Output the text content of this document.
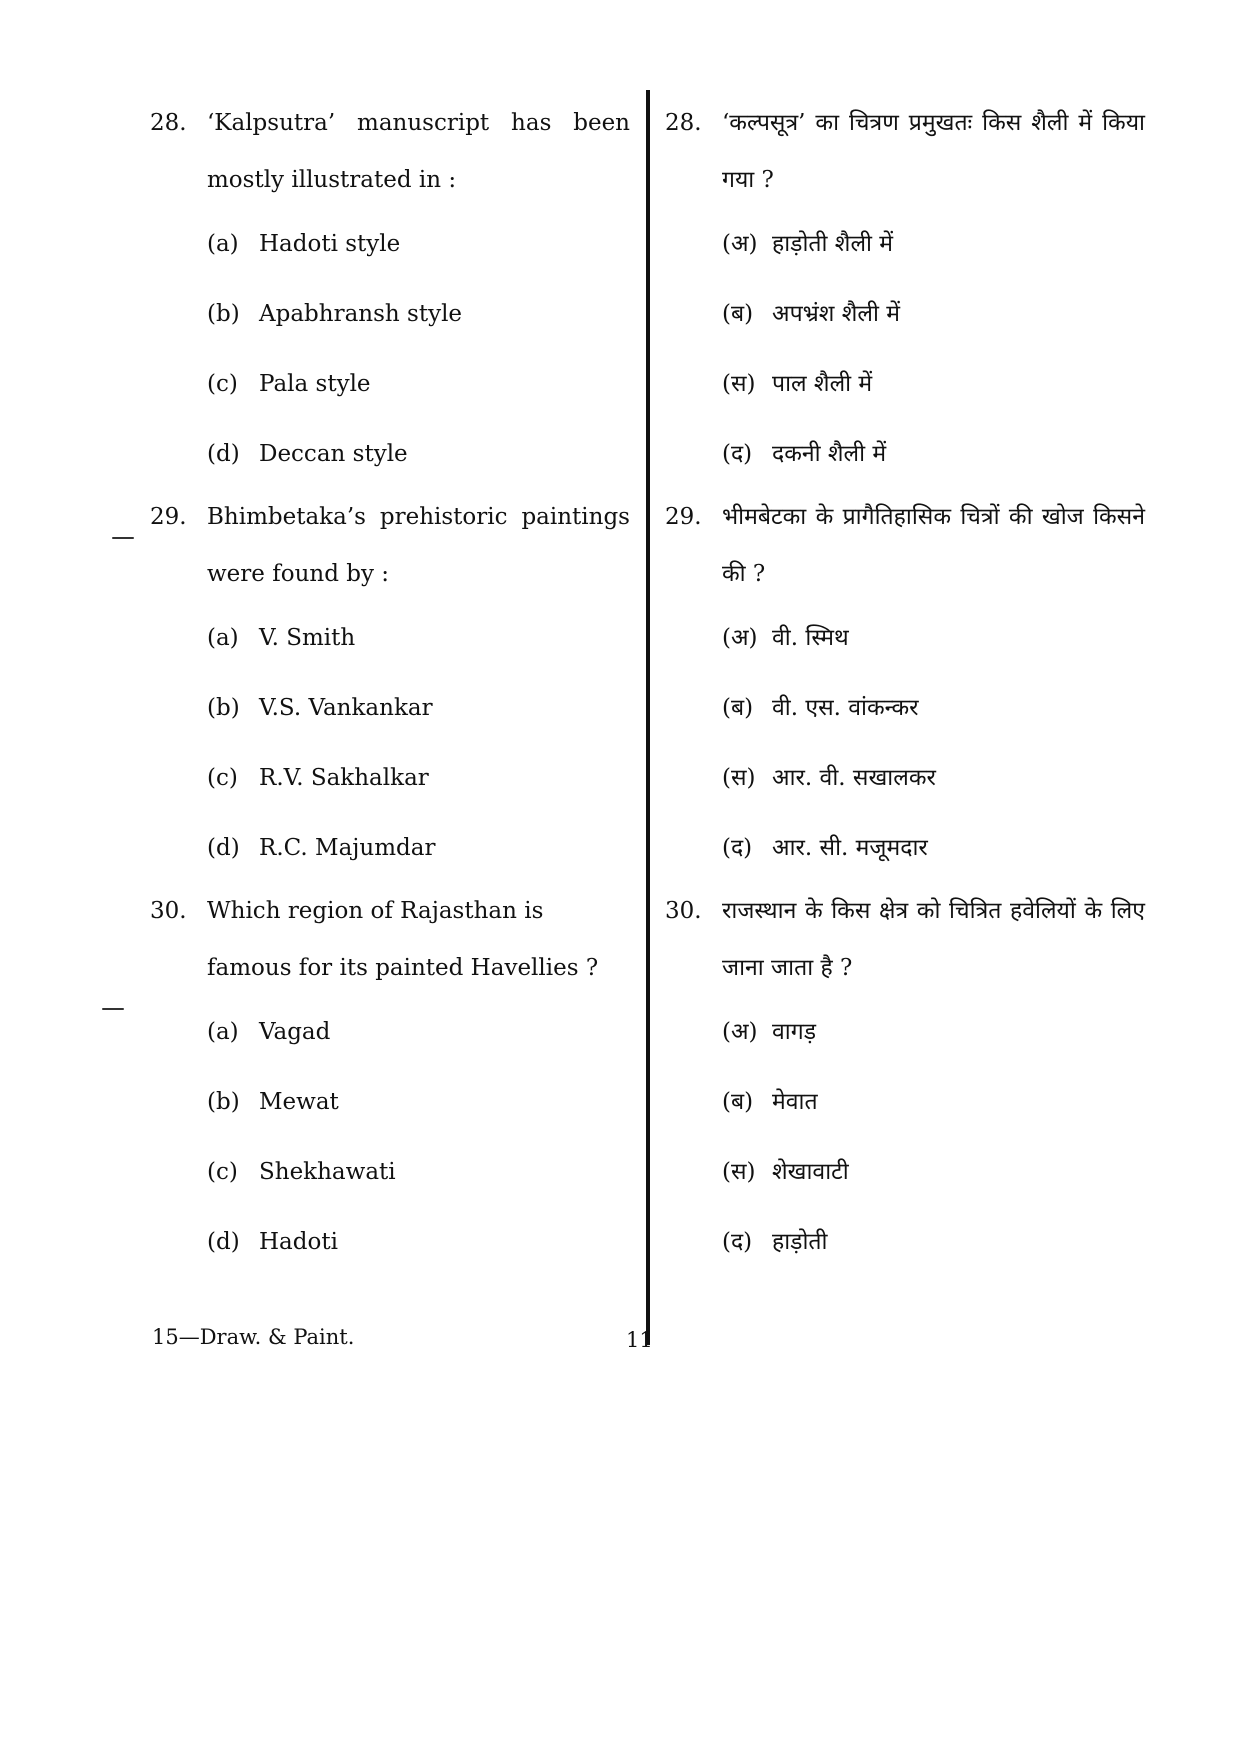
28. ‘Kalpsutra’ manuscript has been mostly illustrated in :
(a) Hadoti style
(b) Apabhransh style
(c) Pala style
(d) Deccan style
29. Bhimbetaka’s prehistoric paintings were found by :
(a) V. Smith
(b) V.S. Vankankar
(c) R.V. Sakhalkar
(d) R.C. Majumdar
30. Which region of Rajasthan is famous for its painted Havellies ?
(a) Vagad
(b) Mewat
(c) Shekhawati
(d) Hadoti
28. ‘कल्पसूत्र’ का चित्रण प्रमुखतः किस शैली में किया गया ?
(अ) हाड़ोती शैली में
(ब) अपभ्रंश शैली में
(स) पाल शैली में
(द) दकनी शैली में
29. भीमबेटका के प्रागैतिहासिक चित्रों की खोज किसने की ?
(अ) वी. स्मिथ
(ब) वी. एस. वांकन्कर
(स) आर. वी. सखालकर
(द) आर. सी. मजूमदार
30. राजस्थान के किस क्षेत्र को चित्रित हवेलियों के लिए जाना जाता है ?
(अ) वागड़
(ब) मेवात
(स) शेखावाटी
(द) हाड़ोती
15—Draw. & Paint.	11
